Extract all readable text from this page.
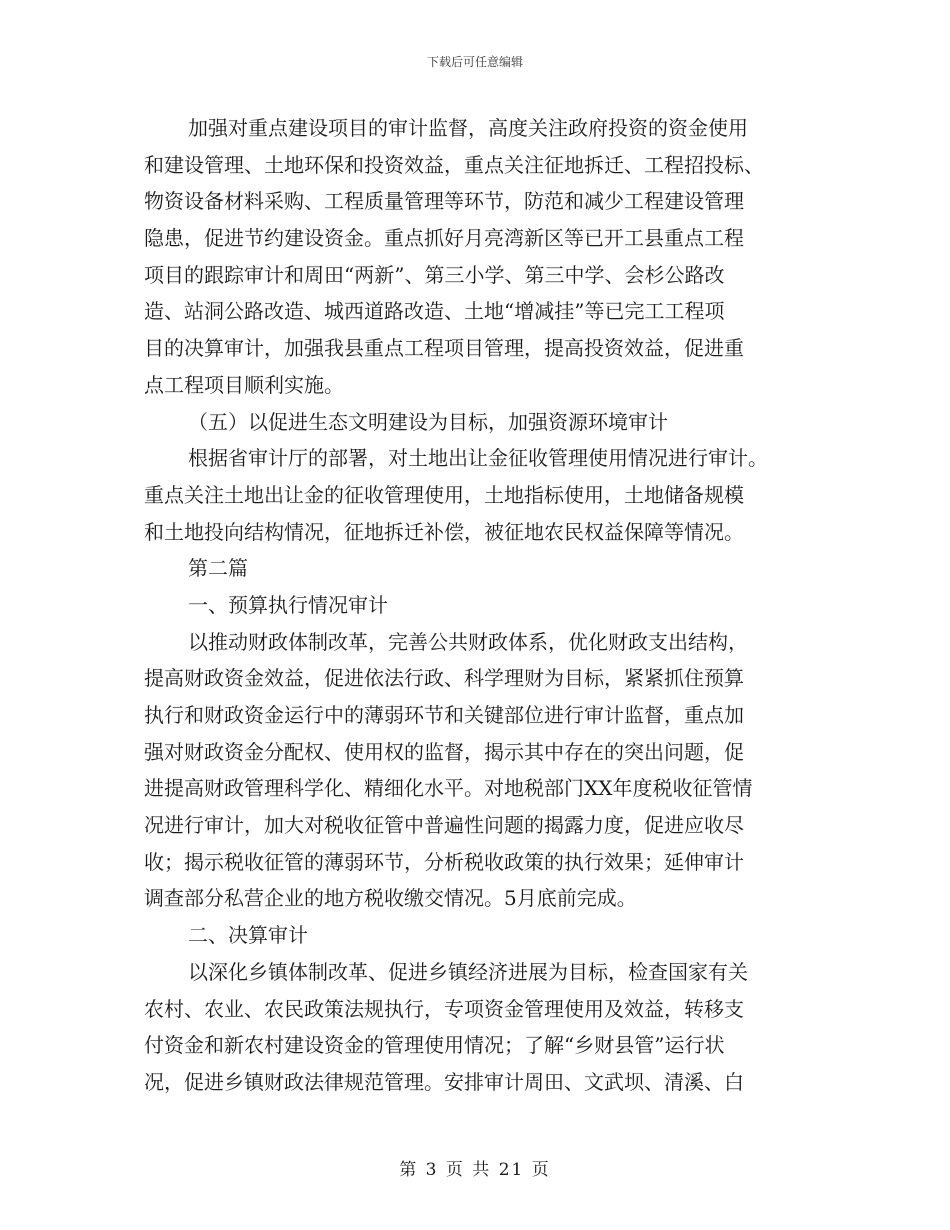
下载后可任意编辑
加强对重点建设项目的审计监督，高度关注政府投资的资金使用
和建设管理、土地环保和投资效益，重点关注征地拆迁、工程招投标、
物资设备材料采购、工程质量管理等环节，防范和减少工程建设管理
隐患，促进节约建设资金。重点抓好月亮湾新区等已开工县重点工程
项目的跟踪审计和周田“两新”、第三小学、第三中学、会杉公路改
造、站洞公路改造、城西道路改造、土地“增减挂”等已完工工程项
目的决算审计，加强我县重点工程项目管理，提高投资效益，促进重
点工程项目顺利实施。
（五）以促进生态文明建设为目标，加强资源环境审计
根据省审计厅的部署，对土地出让金征收管理使用情况进行审计。
重点关注土地出让金的征收管理使用，土地指标使用，土地储备规模
和土地投向结构情况，征地拆迁补偿，被征地农民权益保障等情况。
第二篇
一、预算执行情况审计
以推动财政体制改革，完善公共财政体系，优化财政支出结构，
提高财政资金效益，促进依法行政、科学理财为目标，紧紧抓住预算
执行和财政资金运行中的薄弱环节和关键部位进行审计监督，重点加
强对财政资金分配权、使用权的监督，揭示其中存在的突出问题，促
进提高财政管理科学化、精细化水平。对地税部门XX年度税收征管情
况进行审计，加大对税收征管中普遍性问题的揭露力度，促进应收尽
收；揭示税收征管的薄弱环节，分析税收政策的执行效果；延伸审计
调查部分私营企业的地方税收缴交情况。5月底前完成。
二、决算审计
以深化乡镇体制改革、促进乡镇经济进展为目标，检查国家有关
农村、农业、农民政策法规执行，专项资金管理使用及效益，转移支
付资金和新农村建设资金的管理使用情况；了解“乡财县管”运行状
况，促进乡镇财政法律规范管理。安排审计周田、文武坝、清溪、白
第 3 页 共 21 页
